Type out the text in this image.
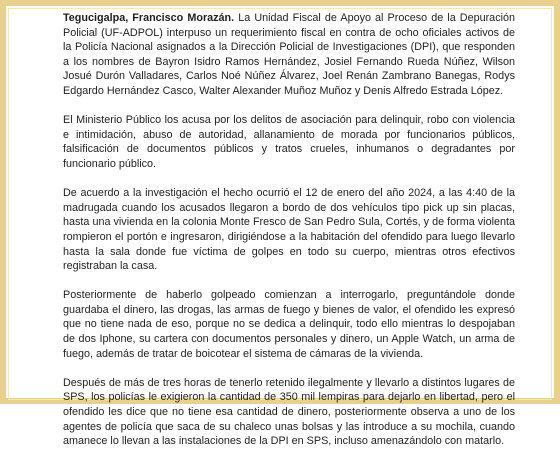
Tegucigalpa, Francisco Morazán. La Unidad Fiscal de Apoyo al Proceso de la Depuración Policial (UF-ADPOL) interpuso un requerimiento fiscal en contra de ocho oficiales activos de la Policía Nacional asignados a la Dirección Policial de Investigaciones (DPI), que responden a los nombres de Bayron Isidro Ramos Hernández, Josiel Fernando Rueda Núñez, Wilson Josué Durón Valladares, Carlos Noé Núñez Álvarez, Joel Renán Zambrano Banegas, Rodys Edgardo Hernández Casco, Walter Alexander Muñoz Muñoz y Denis Alfredo Estrada López.

El Ministerio Público los acusa por los delitos de asociación para delinquir, robo con violencia e intimidación, abuso de autoridad, allanamiento de morada por funcionarios públicos, falsificación de documentos públicos y tratos crueles, inhumanos o degradantes por funcionario público.

De acuerdo a la investigación el hecho ocurrió el 12 de enero del año 2024, a las 4:40 de la madrugada cuando los acusados llegaron a bordo de dos vehículos tipo pick up sin placas, hasta una vivienda en la colonia Monte Fresco de San Pedro Sula, Cortés, y de forma violenta rompieron el portón e ingresaron, dirigiéndose a la habitación del ofendido para luego llevarlo hasta la sala donde fue víctima de golpes en todo su cuerpo, mientras otros efectivos registraban la casa.

Posteriormente de haberlo golpeado comienzan a interrogarlo, preguntándole donde guardaba el dinero, las drogas, las armas de fuego y bienes de valor, el ofendido les expresó que no tiene nada de eso, porque no se dedica a delinquir, todo ello mientras lo despojaban de dos Iphone, su cartera con documentos personales y dinero, un Apple Watch, un arma de fuego, además de tratar de boicotear el sistema de cámaras de la vivienda.

Después de más de tres horas de tenerlo retenido ilegalmente y llevarlo a distintos lugares de SPS, los policías le exigieron la cantidad de 350 mil lempiras para dejarlo en libertad, pero el ofendido les dice que no tiene esa cantidad de dinero, posteriormente observa a uno de los agentes de policía que saca de su chaleco unas bolsas y las introduce a su mochila, cuando amanece lo llevan a las instalaciones de la DPI en SPS, incluso amenazándolo con matarlo.
